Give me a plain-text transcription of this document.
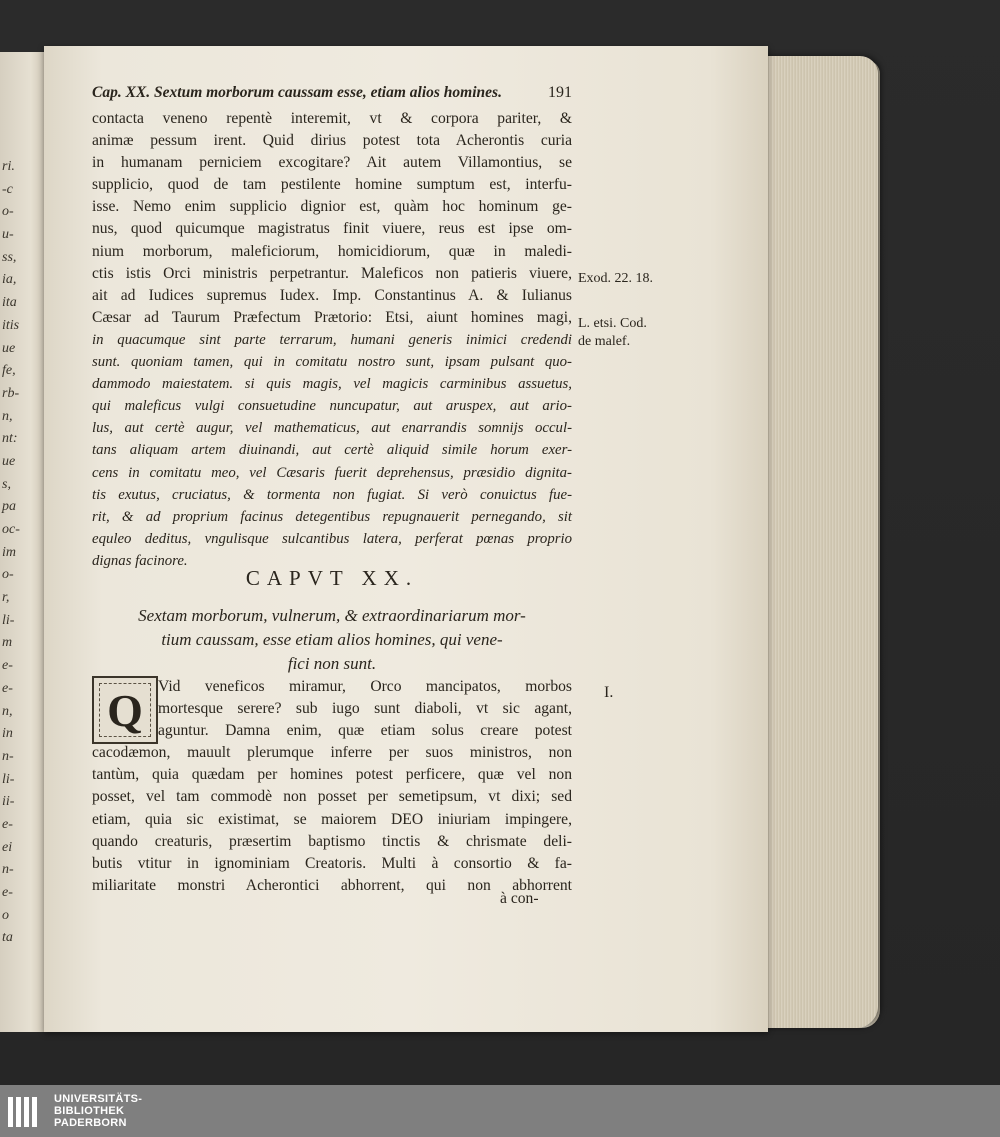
ri.
-c
o-
u-
ss,
ia,
ita
itis
ue
fe,
rb-
n,
nt:
ue
s,
pa
oc-
im
o-
r,
li-
m
e-
e-
n,
in
n-
li-
ii-
e-
ei
n-
e-
o
ta
Cap. XX. Sextum morborum caussam esse, etiam alios homines.	191
contacta veneno repentè interemit, vt & corpora pariter, &
animæ pessum irent. Quid dirius potest tota Acherontis curia
in humanam perniciem excogitare? Ait autem Villamontius, se
supplicio, quod de tam pestilente homine sumptum est, interfu-
isse. Nemo enim supplicio dignior est, quàm hoc hominum ge-
nus, quod quicumque magistratus finit viuere, reus est ipse om-
nium morborum, maleficiorum, homicidiorum, quæ in maledi-
ctis istis Orci ministris perpetrantur. Maleficos non patieris viuere,
ait ad Iudices supremus Iudex. Imp. Constantinus A. & Iulianus
Cæsar ad Taurum Præfectum Prætorio: Etsi, aiunt homines magi,
in quacumque sint parte terrarum, humani generis inimici credendi
sunt. quoniam tamen, qui in comitatu nostro sunt, ipsam pulsant quo-
dammodo maiestatem. si quis magis, vel magicis carminibus assuetus,
qui maleficus vulgi consuetudine nuncupatur, aut aruspex, aut ario-
lus, aut certè augur, vel mathematicus, aut enarrandis somnijs occul-
tans aliquam artem diuinandi, aut certè aliquid simile horum exer-
cens in comitatu meo, vel Cæsaris fuerit deprehensus, præsidio dignita-
tis exutus, cruciatus, & tormenta non fugiat. Si verò conuictus fue-
rit, & ad proprium facinus detegentibus repugnauerit pernegando, sit
equleo deditus, vngulisque sulcantibus latera, perferat pœnas proprio
dignas facinore.
CAPVT XX.
Sextam morborum, vulnerum, & extraordinariarum mor-
tium caussam, esse etiam alios homines, qui vene-
fici non sunt.
Q Vid veneficos miramur, Orco mancipatos, morbos
mortesque serere? sub iugo sunt diaboli, vt sic agant,
aguntur. Damna enim, quæ etiam solus creare potest
cacodæmon, mauult plerumque inferre per suos ministros, non
tantùm, quia quædam per homines potest perficere, quæ vel non
posset, vel tam commodè non posset per semetipsum, vt dixi; sed
etiam, quia sic existimat, se maiorem DEO iniuriam impingere,
quando creaturis, præsertim baptismo tinctis & chrismate deli-
butis vtitur in ignominiam Creatoris. Multi à consortio & fa-
miliaritate monstri Acherontici abhorrent, qui non abhorrent
à con-
Exod. 22. 18.
L. etsi. Cod.
de malef.
I.
UNIVERSITÄTS-
BIBLIOTHEK
PADERBORN
